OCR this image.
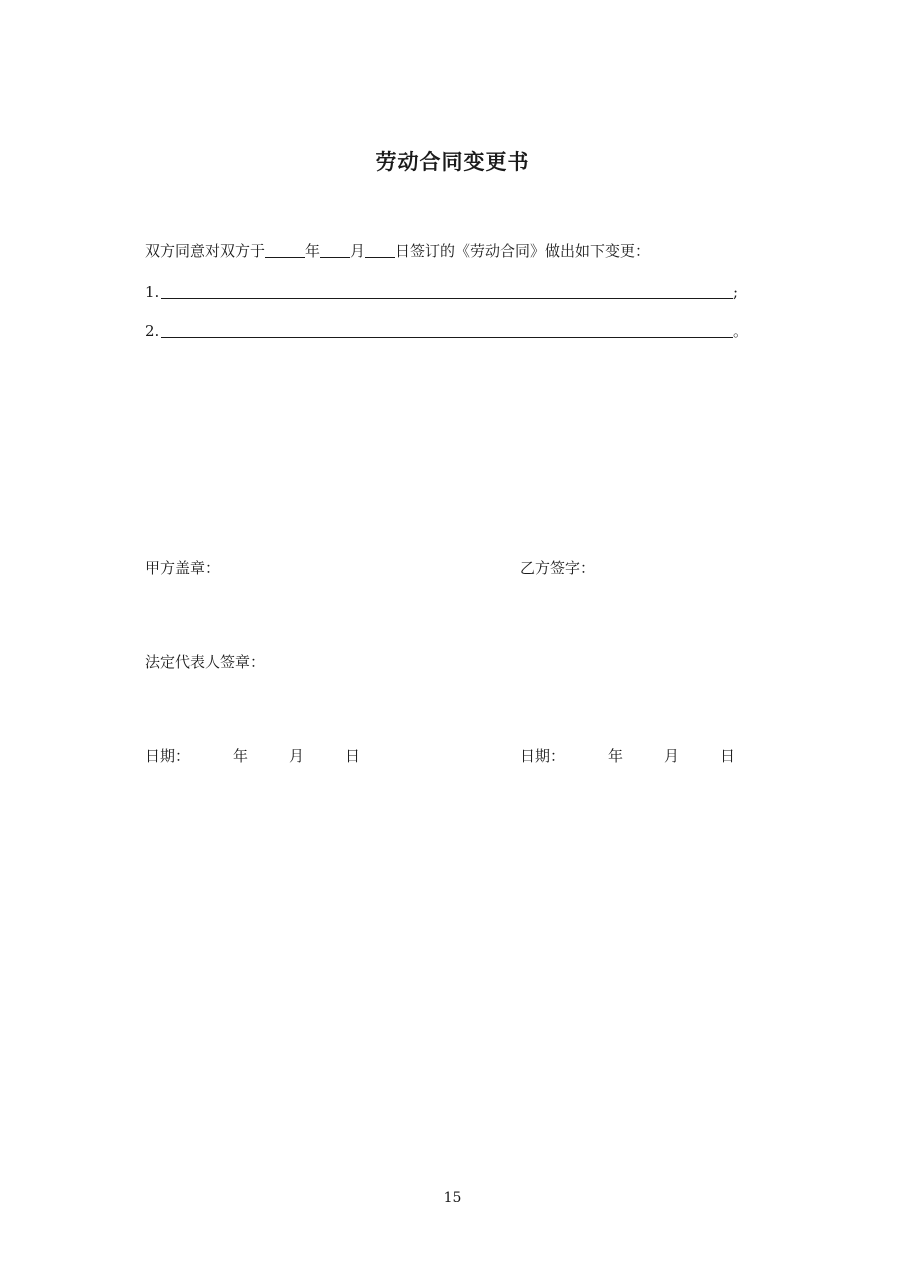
劳动合同变更书
双方同意对双方于	年 月 日签订的《劳动合同》做出如下变更：
1.	;
2.	。
甲方盖章：	乙方签字：
法定代表人签章：
日期：	年	月	日	日期：	年	月	日
15
